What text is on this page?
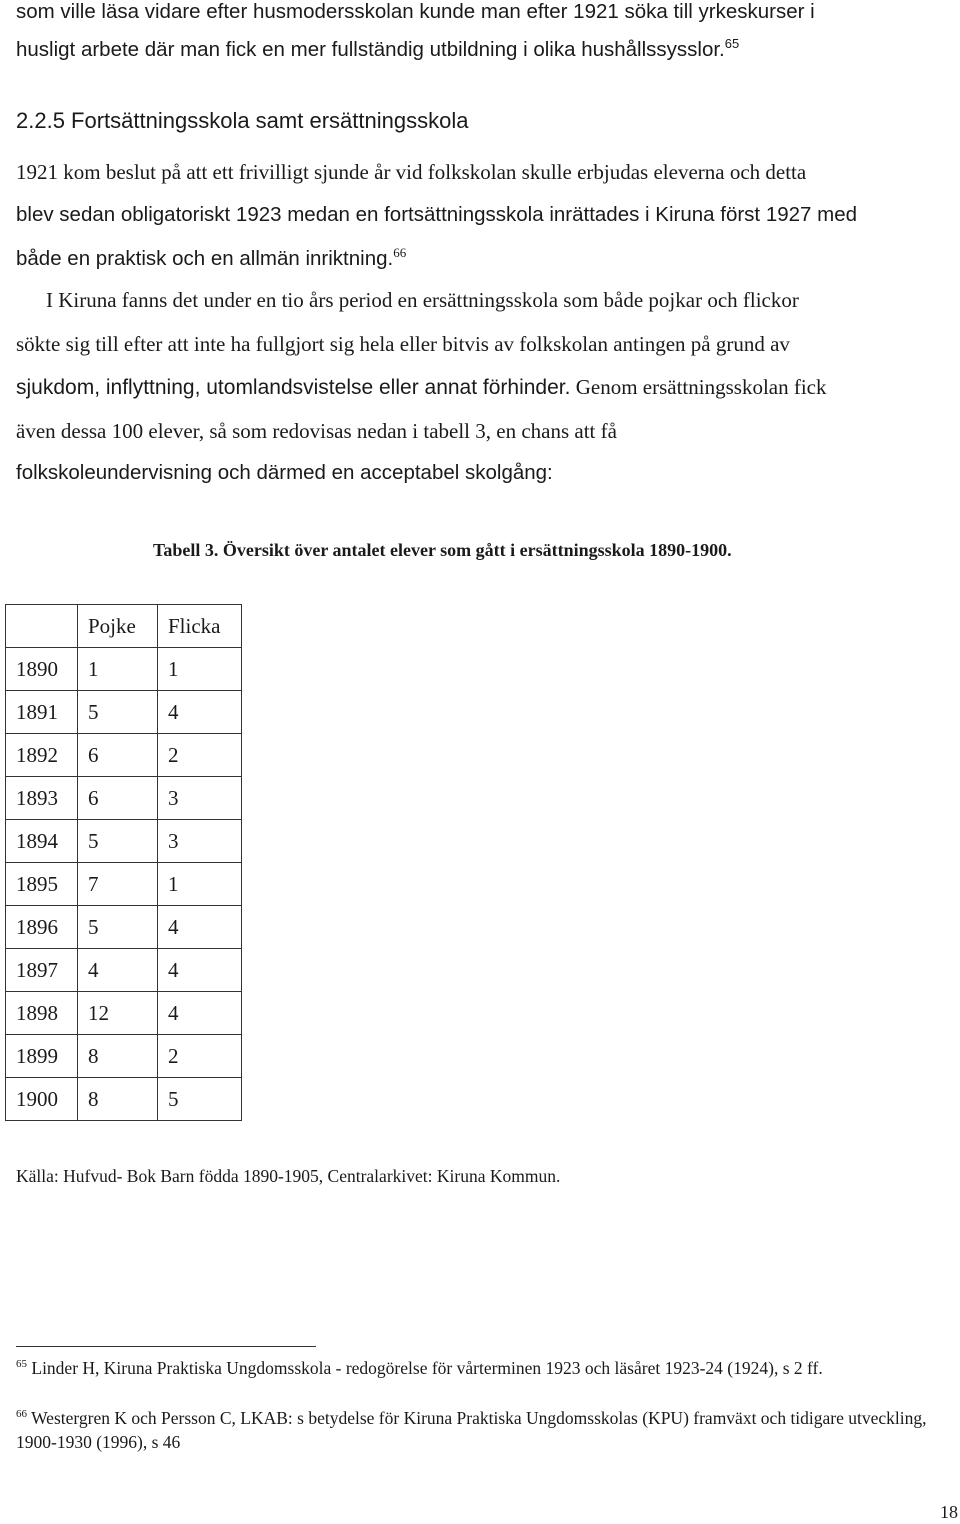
som ville läsa vidare efter husmodersskolan kunde man efter 1921 söka till yrkeskurser i
husligt arbete där man fick en mer fullständig utbildning i olika hushållssysslor.$^{65}$
2.2.5 Fortsättningsskola samt ersättningsskola
1921 kom beslut på att ett frivilligt sjunde år vid folkskolan skulle erbjudas eleverna och detta
blev sedan obligatoriskt 1923 medan en fortsättningsskola inrättades i Kiruna först 1927 med
både en praktisk och en allmän inriktning.$^{66}$
I Kiruna fanns det under en tio års period en ersättningsskola som både pojkar och flickor
sökte sig till efter att inte ha fullgjort sig hela eller bitvis av folkskolan antingen på grund av
sjukdom, inflyttning, utomlandsvistelse eller annat förhinder. Genom ersättningsskolan fick
även dessa 100 elever, så som redovisas nedan i tabell 3, en chans att få
folkskoleundervisning och därmed en acceptabel skolgång:
Tabell 3. Översikt över antalet elever som gått i ersättningsskola 1890-1900.
	Pojke	Flicka
1890	1	1
1891	5	4
1892	6	2
1893	6	3
1894	5	3
1895	7	1
1896	5	4
1897	4	4
1898	12	4
1899	8	2
1900	8	5
Källa: Hufvud- Bok Barn födda 1890-1905, Centralarkivet: Kiruna Kommun.
$^{65}$ Linder H, Kiruna Praktiska Ungdomsskola - redogörelse för vårterminen 1923 och läsåret 1923-24 (1924), s 2 ff.
$^{66}$ Westergren K och Persson C, LKAB: s betydelse för Kiruna Praktiska Ungdomsskolas (KPU) framväxt och tidigare utveckling, 1900-1930 (1996), s 46
18
